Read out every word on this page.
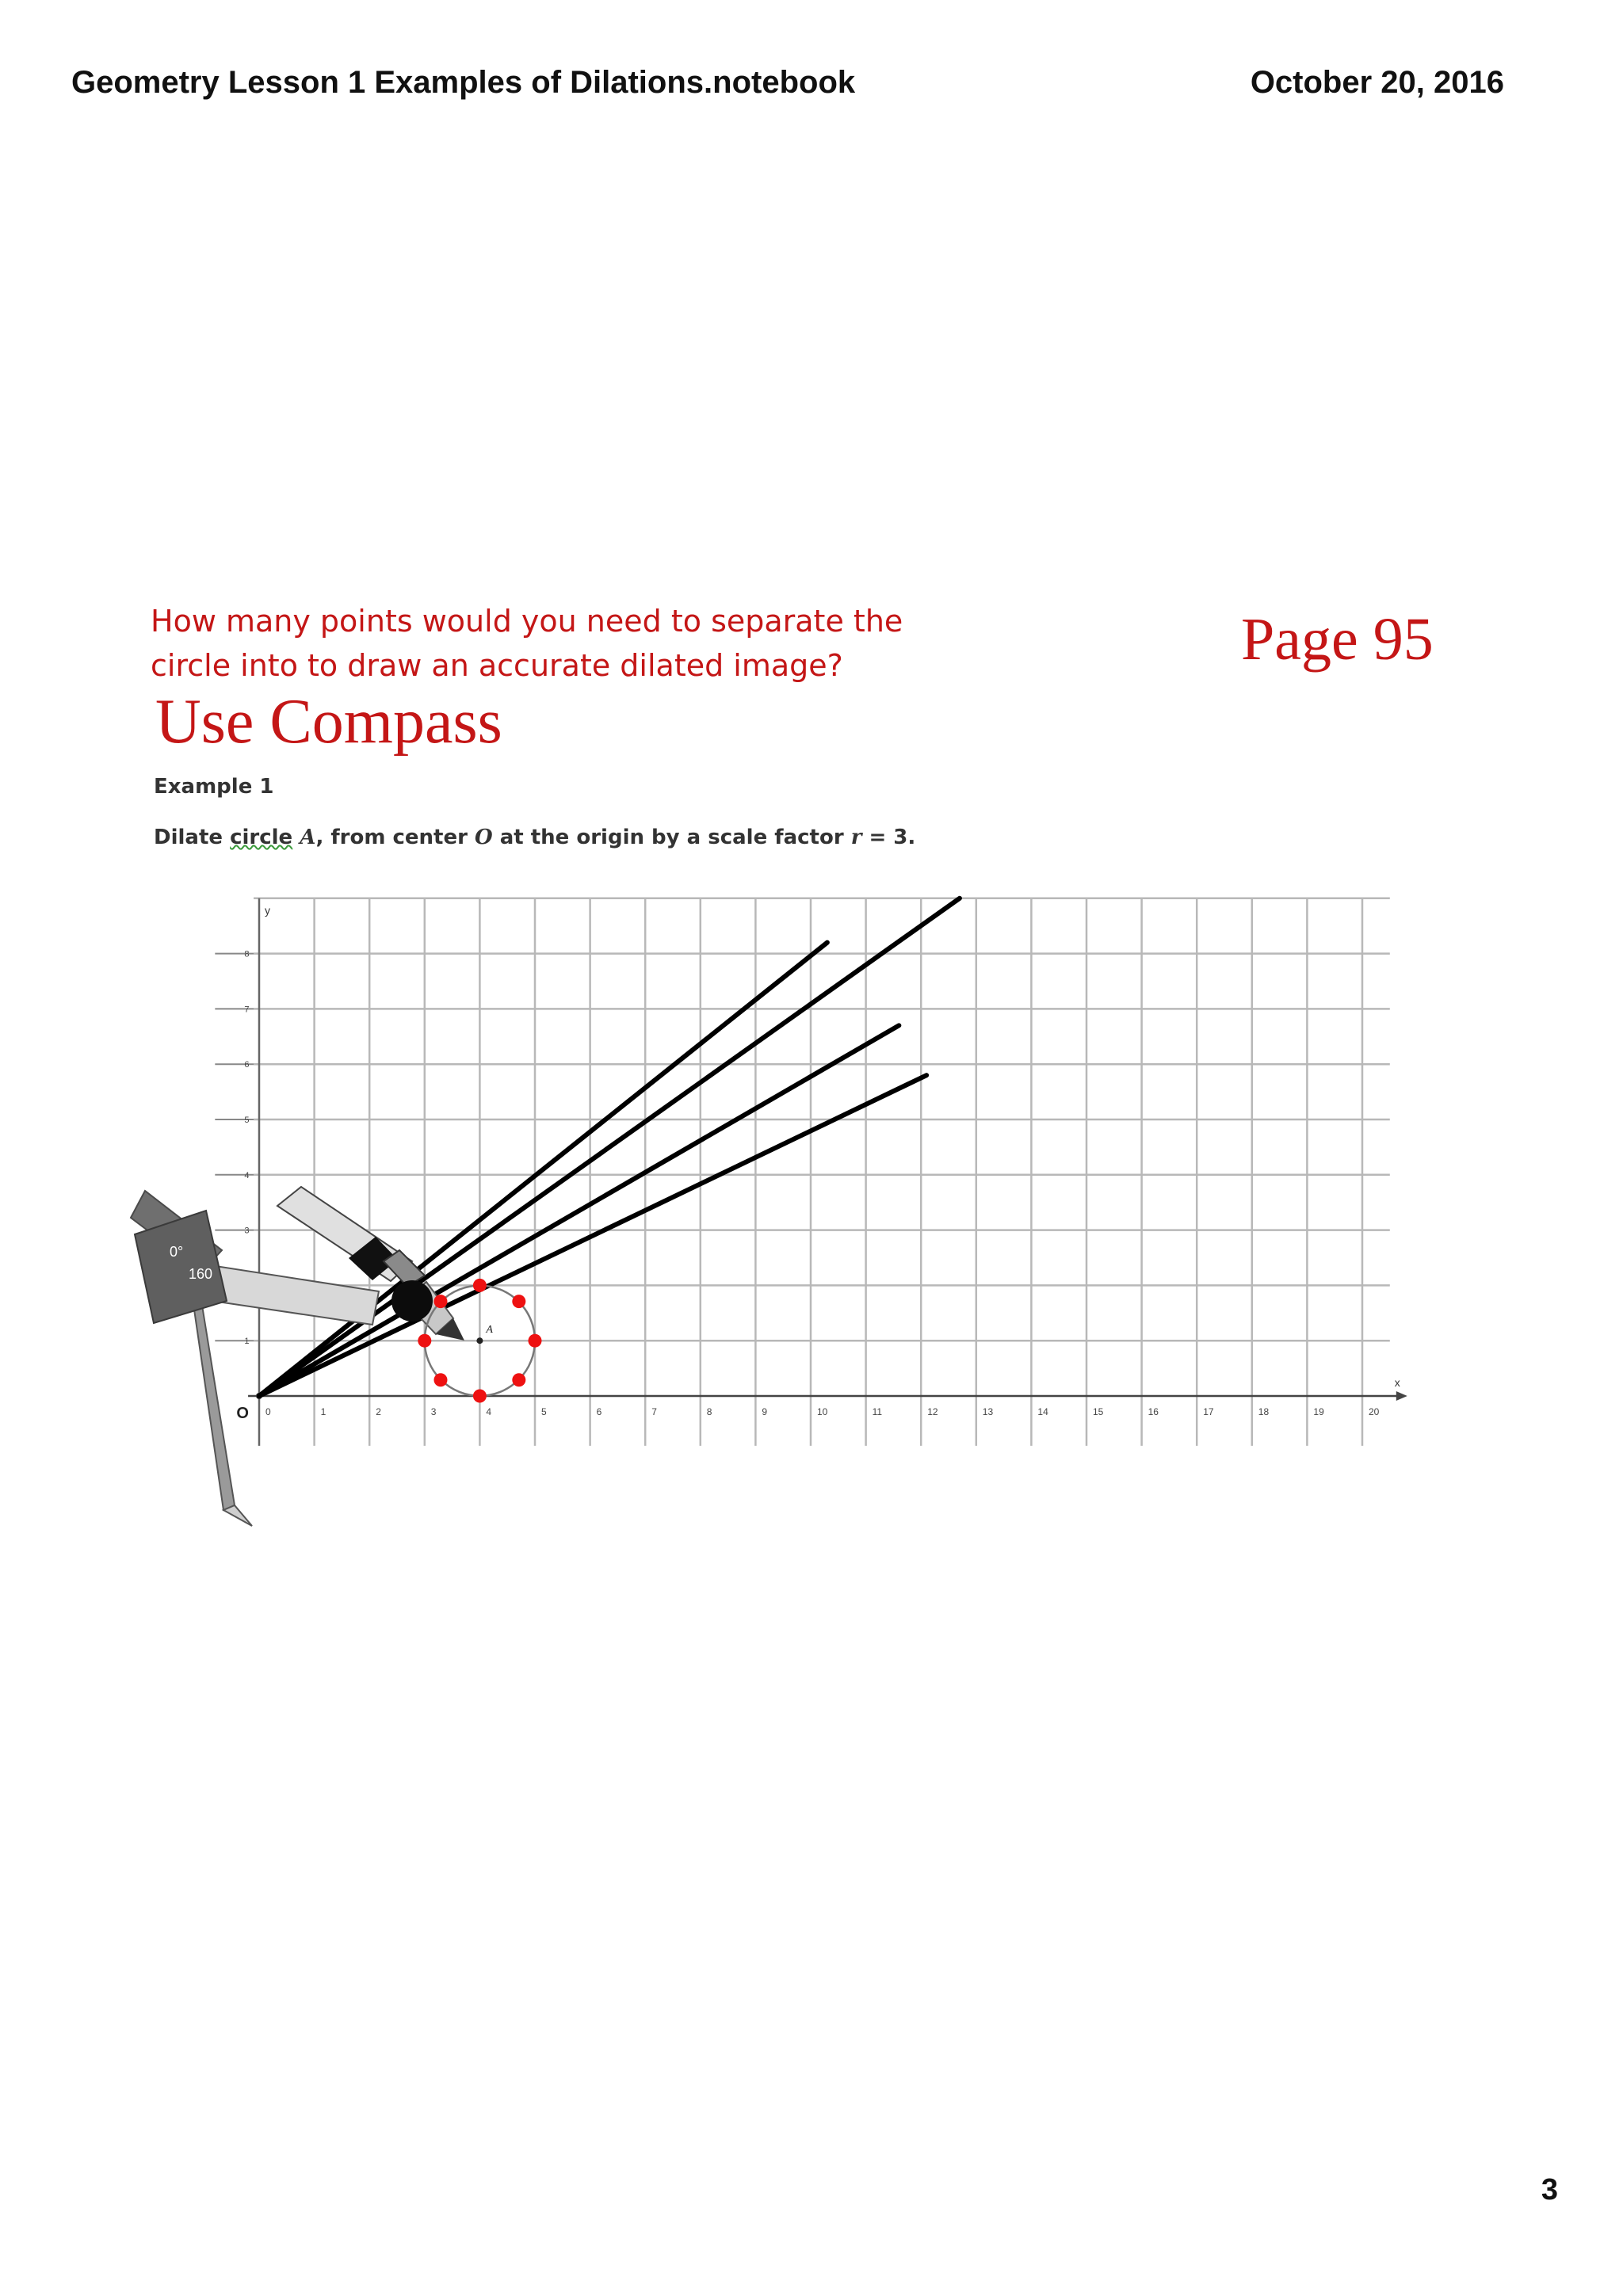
Geometry Lesson 1 Examples of Dilations.notebook	October 20, 2016
How many points would you need to separate the
circle into to draw an accurate dilated image?	Page 95
Use Compass
Example 1
Dilate circle A, from center O at the origin by a scale factor r = 3.
0	1	2	3	4	5	6	7	8	9	10	11	12	13	14	15	16	17	18	19	20
1
3
4
5
6
7
8
x
y
O
0°
160
A
3
